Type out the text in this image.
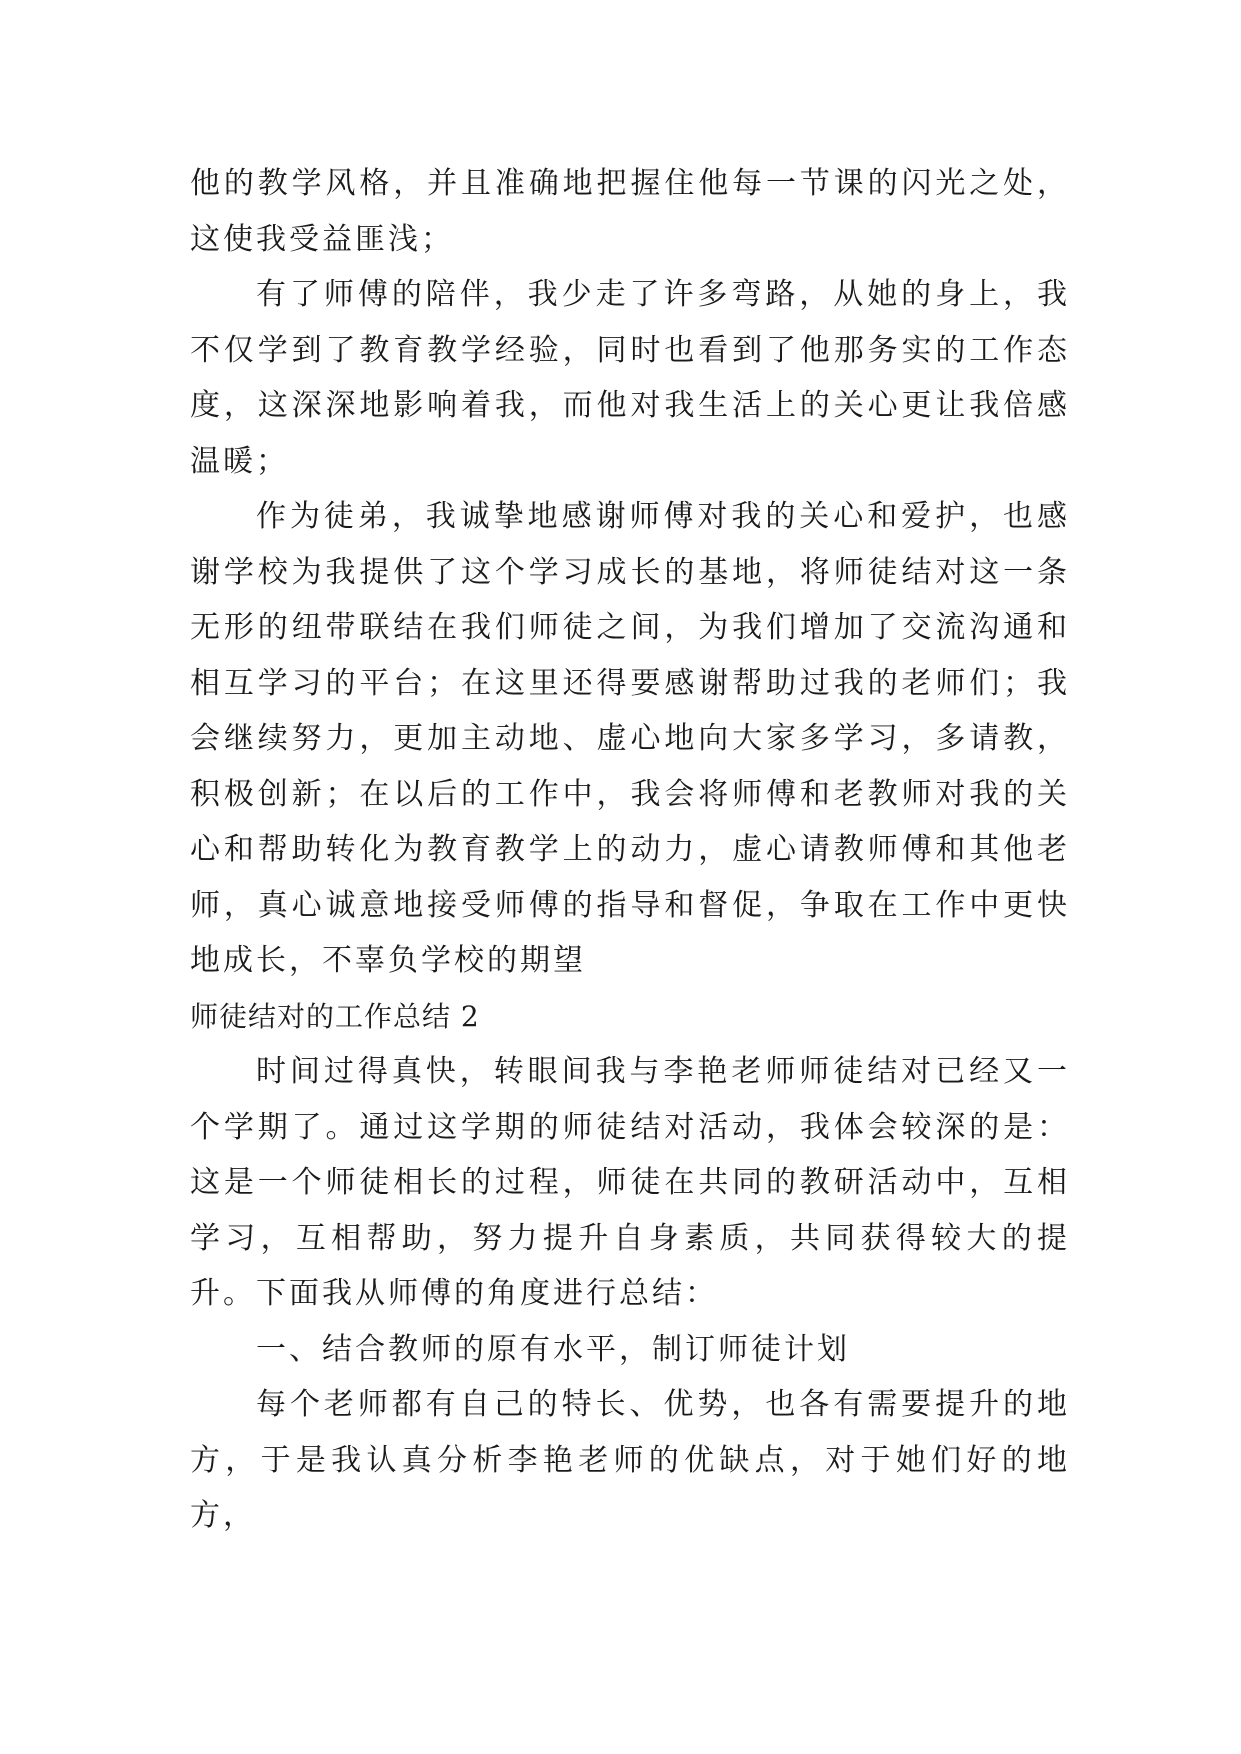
他的教学风格，并且准确地把握住他每一节课的闪光之处，这使我受益匪浅；

有了师傅的陪伴，我少走了许多弯路，从她的身上，我不仅学到了教育教学经验，同时也看到了他那务实的工作态度，这深深地影响着我，而他对我生活上的关心更让我倍感温暖；

作为徒弟，我诚挚地感谢师傅对我的关心和爱护，也感谢学校为我提供了这个学习成长的基地，将师徒结对这一条无形的纽带联结在我们师徒之间，为我们增加了交流沟通和相互学习的平台；在这里还得要感谢帮助过我的老师们；我会继续努力，更加主动地、虚心地向大家多学习，多请教，积极创新；在以后的工作中，我会将师傅和老教师对我的关心和帮助转化为教育教学上的动力，虚心请教师傅和其他老师，真心诚意地接受师傅的指导和督促，争取在工作中更快地成长，不辜负学校的期望

师徒结对的工作总结 2

时间过得真快，转眼间我与李艳老师师徒结对已经又一个学期了。通过这学期的师徒结对活动，我体会较深的是：这是一个师徒相长的过程，师徒在共同的教研活动中，互相学习，互相帮助，努力提升自身素质，共同获得较大的提升。下面我从师傅的角度进行总结：

一、结合教师的原有水平，制订师徒计划

每个老师都有自己的特长、优势，也各有需要提升的地方，于是我认真分析李艳老师的优缺点，对于她们好的地方，
